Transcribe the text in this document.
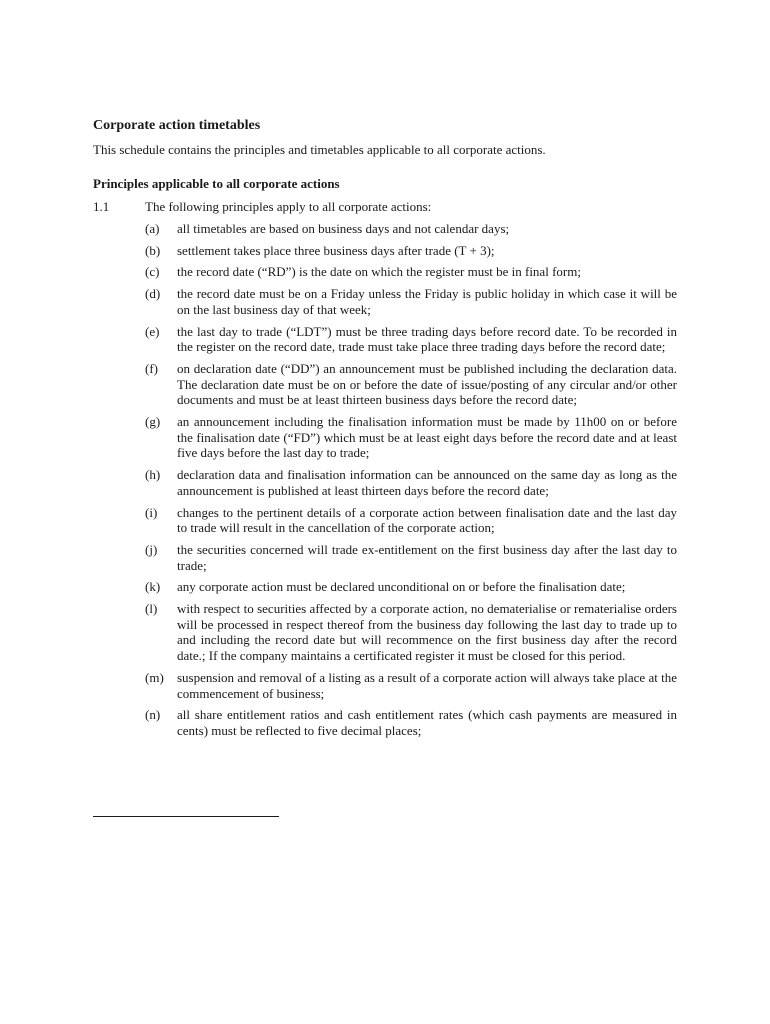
Corporate action timetables
This schedule contains the principles and timetables applicable to all corporate actions.
Principles applicable to all corporate actions
1.1	The following principles apply to all corporate actions:
(a)	all timetables are based on business days and not calendar days;
(b)	settlement takes place three business days after trade (T + 3);
(c)	the record date (“RD”) is the date on which the register must be in final form;
(d)	the record date must be on a Friday unless the Friday is public holiday in which case it will be on the last business day of that week;
(e)	the last day to trade (“LDT”) must be three trading days before record date. To be recorded in the register on the record date, trade must take place three trading days before the record date;
(f)	on declaration date (“DD”) an announcement must be published including the declaration data. The declaration date must be on or before the date of issue/posting of any circular and/or other documents and must be at least thirteen business days before the record date;
(g)	an announcement including the finalisation information must be made by 11h00 on or before the finalisation date (“FD”) which must be at least eight days before the record date and at least five days before the last day to trade;
(h)	declaration data and finalisation information can be announced on the same day as long as the announcement is published at least thirteen days before the record date;
(i)	changes to the pertinent details of a corporate action between finalisation date and the last day to trade will result in the cancellation of the corporate action;
(j)	the securities concerned will trade ex-entitlement on the first business day after the last day to trade;
(k)	any corporate action must be declared unconditional on or before the finalisation date;
(l)	with respect to securities affected by a corporate action, no dematerialise or rematerialise orders will be processed in respect thereof from the business day following the last day to trade up to and including the record date but will recommence on the first business day after the record date.; If the company maintains a certificated register it must be closed for this period.
(m)	suspension and removal of a listing as a result of a corporate action will always take place at the commencement of business;
(n)	all share entitlement ratios and cash entitlement rates (which cash payments are measured in cents) must be reflected to five decimal places;
